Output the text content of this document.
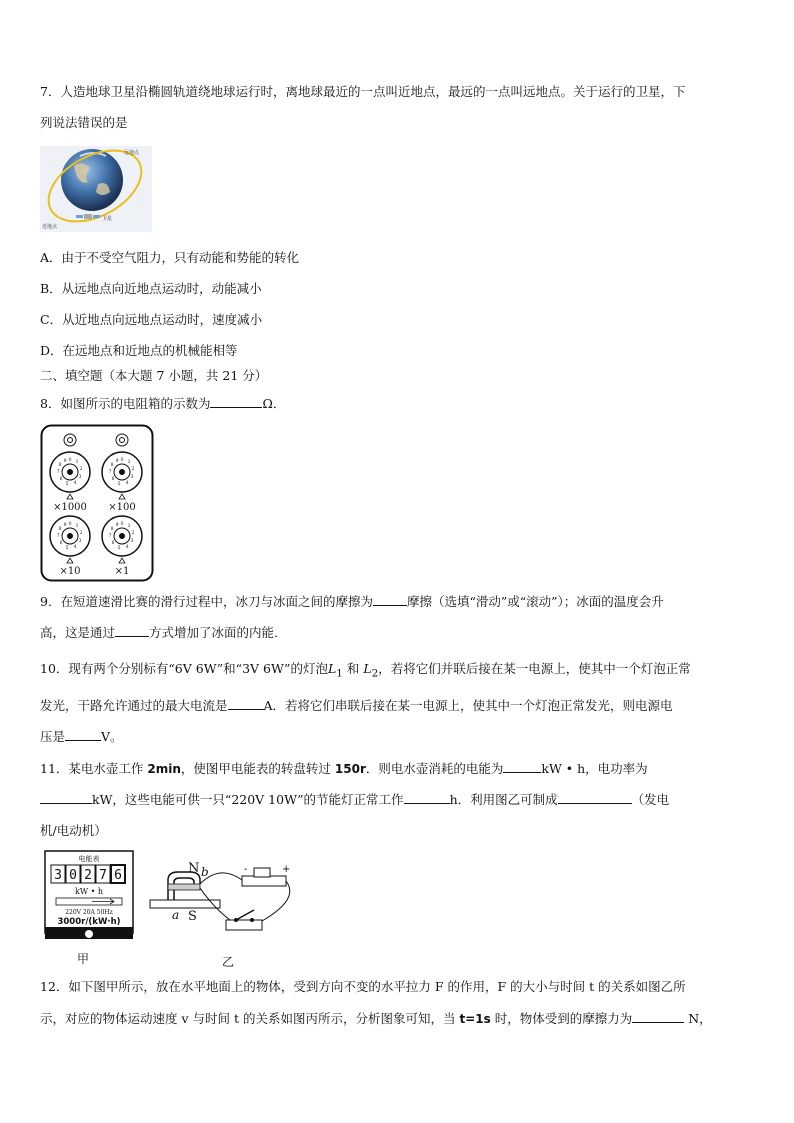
7．人造地球卫星沿椭圆轨道绕地球运行时，离地球最近的一点叫近地点，最远的一点叫远地点。关于运行的卫星，下
列说法错误的是
远地点
近地点
卫星
A．由于不受空气阻力，只有动能和势能的转化
B．从远地点向近地点运动时，动能减小
C．从近地点向远地点运动时，速度减小
D．在远地点和近地点的机械能相等
二、填空题（本大题 7 小题，共 21 分）
8．如图所示的电阻箱的示数为	Ω．
0 1
2
3
4
5
6
7
8
9	0 1
2
3
4
5
6
7
8
9
0 1
2
3
4
5
6
7
8
9	0 1
2
3
4
5
6
7
8
9
×1000 ×100
×10	×1
9．在短道速滑比赛的滑行过程中，冰刀与冰面之间的摩擦为	摩擦（选填“滑动”或“滚动”）；冰面的温度会升
高，这是通过	方式增加了冰面的内能.
10．现有两个分别标有“6V 6W”和“3V 6W”的灯泡$L_1$ 和 $L_2$，若将它们并联后接在某一电源上，使其中一个灯泡正常
发光，干路允许通过的最大电流是	A．若将它们串联后接在某一电源上，使其中一个灯泡正常发光，则电源电
压是	V。
11．某电水壶工作 2min，使图甲电能表的转盘转过 150r．则电水壶消耗的电能为	kW • h，电功率为
kW，这些电能可供一只“220V 10W”的节能灯正常工作	h．利用图乙可制成	（发电
机/电动机）
电能表
3 0 2 7 6
kW • h
220V 20A 50Hz
3000r/(kW·h)
甲
N b
a S
-	+
乙
12．如下图甲所示，放在水平地面上的物体，受到方向不变的水平拉力 F 的作用，F 的大小与时间 t 的关系如图乙所
示，对应的物体运动速度 v 与时间 t 的关系如图丙所示，分析图象可知，当 t=1s 时，物体受到的摩擦力为	N，
